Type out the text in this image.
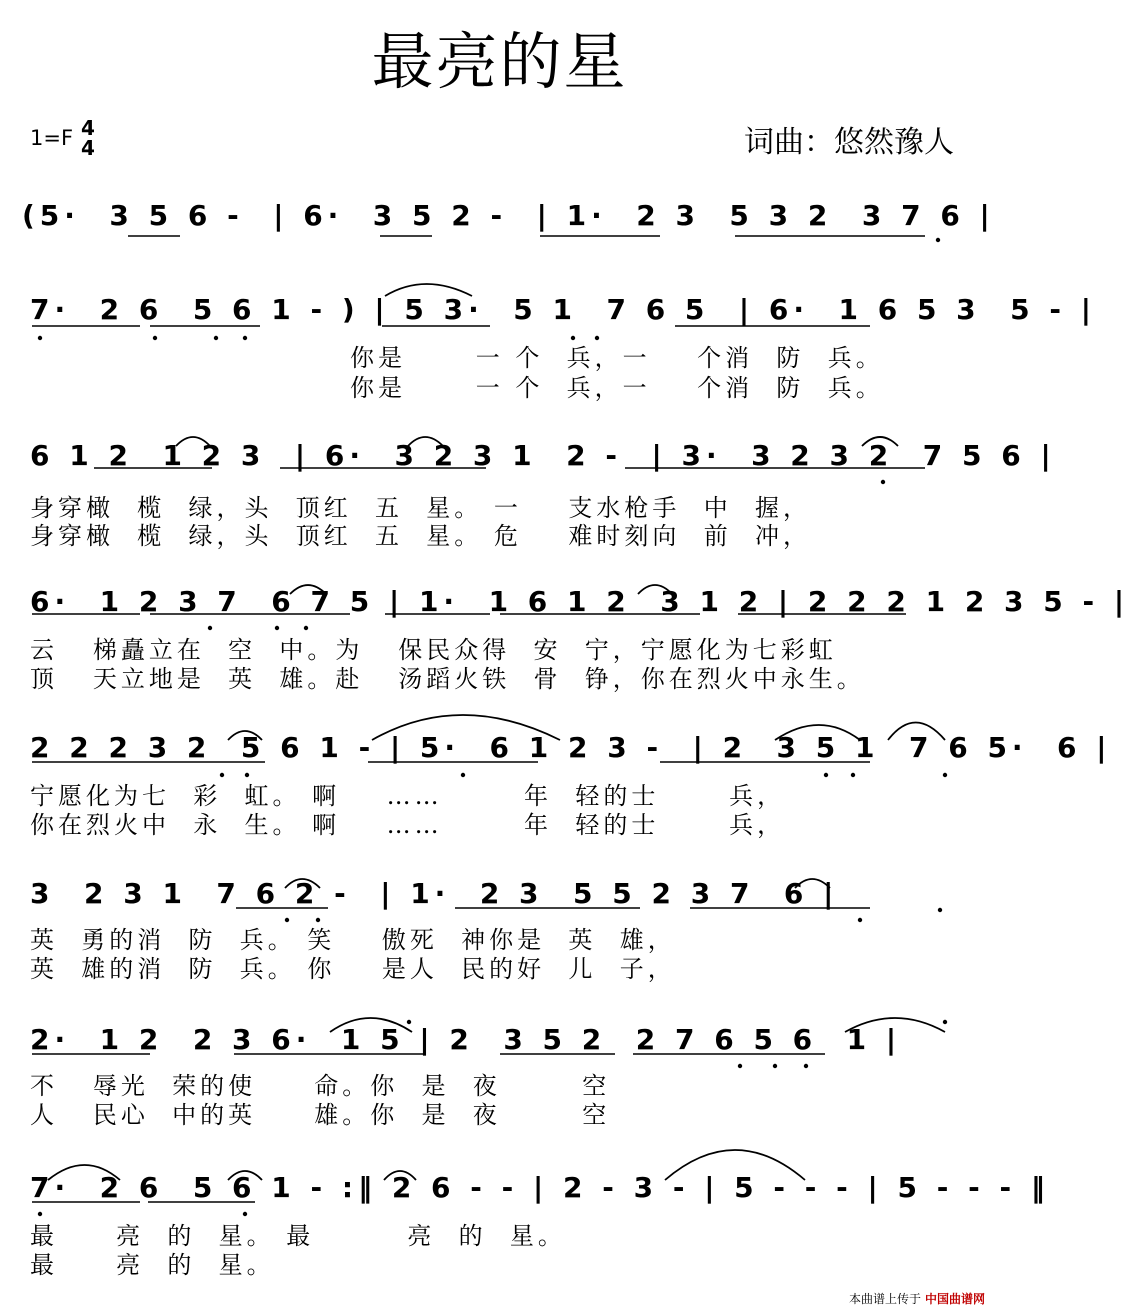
最亮的星
1=F 4
4	词曲：悠然豫人
(5·  3 5 6 -  | 6·  3 5 2 -  | 1·  2 3  5 3 2  3 7 6 |
7·  2 6  5 6 1 - ) | 5 3·  5 1  7 6 5  | 6·  1 6 5 3  5 - |
你是      一 个  兵，一    个消  防  兵。
你是      一 个  兵，一    个消  防  兵。
6 1 2  1 2 3  | 6·  3 2 3 1  2 -  | 3·  3 2 3 2  7 5 6 |
身穿橄  榄  绿，头  顶红  五  星。 一    支水枪手  中  握，
身穿橄  榄  绿，头  顶红  五  星。 危    难时刻向  前  冲，
6·  1 2 3 7  6 7 5 | 1·  1 6 1 2  3 1 2 | 2 2 2 1 2 3 5 - |
云   梯矗立在  空  中。为   保民众得  安  宁，宁愿化为七彩虹
顶   天立地是  英  雄。赴   汤蹈火铁  骨  铮，你在烈火中永生。
2 2 2 3 2  5 6 1 - | 5·  6 1 2 3 -  | 2  3 5 1  7 6 5·  6 |
宁愿化为七  彩  虹。 啊    ……       年  轻的士      兵，
你在烈火中  永  生。 啊    ……       年  轻的士      兵，
3  2 3 1  7 6 2 -  | 1·  2 3  5 5 2 3 7  6 |
英  勇的消  防  兵。 笑    傲死  神你是  英  雄，
英  雄的消  防  兵。 你    是人  民的好  儿  子，
2·  1 2  2 3 6·  1 5 | 2  3 5 2  2 7 6 5 6  1 |
不   辱光  荣的使     命。你  是  夜       空
人   民心  中的英     雄。你  是  夜       空
7·  2 6  5 6 1 - :‖ 2 6 - - | 2 - 3 - | 5 - - - | 5 - - - ‖
最     亮  的  星。 最        亮  的  星。
最     亮  的  星。
本曲谱上传于 中国曲谱网
